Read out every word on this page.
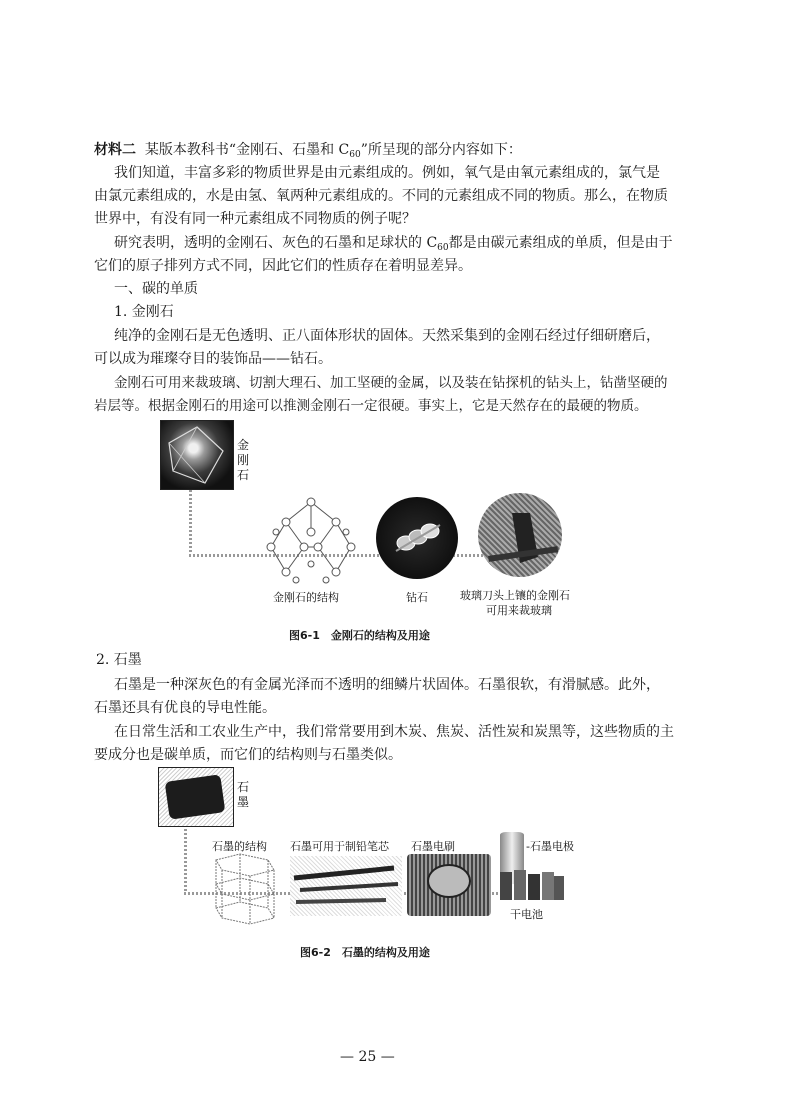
材料二 某版本教科书“金刚石、石墨和 $C_{60}$”所呈现的部分内容如下：
我们知道，丰富多彩的物质世界是由元素组成的。例如，氧气是由氧元素组成的，氯气是
由氯元素组成的，水是由氢、氧两种元素组成的。不同的元素组成不同的物质。那么，在物质
世界中，有没有同一种元素组成不同物质的例子呢？
研究表明，透明的金刚石、灰色的石墨和足球状的 $C_{60}$都是由碳元素组成的单质，但是由于
它们的原子排列方式不同，因此它们的性质存在着明显差异。
一、碳的单质
1. 金刚石
纯净的金刚石是无色透明、正八面体形状的固体。天然采集到的金刚石经过仔细研磨后，
可以成为璀璨夺目的装饰品——钻石。
金刚石可用来裁玻璃、切割大理石、加工坚硬的金属，以及装在钻探机的钻头上，钻凿坚硬的
岩层等。根据金刚石的用途可以推测金刚石一定很硬。事实上，它是天然存在的最硬的物质。
金刚石
金刚石的结构	钻石	玻璃刀头上镶的金刚石
可用来裁玻璃
图6-1　金刚石的结构及用途
2. 石墨
石墨是一种深灰色的有金属光泽而不透明的细鳞片状固体。石墨很软，有滑腻感。此外，
石墨还具有优良的导电性能。
在日常生活和工农业生产中，我们常常要用到木炭、焦炭、活性炭和炭黑等，这些物质的主
要成分也是碳单质，而它们的结构则与石墨类似。
石墨
石墨的结构 石墨可用于制铅笔芯 石墨电刷	-石墨电极
干电池
图6-2　石墨的结构及用途
— 25 —
